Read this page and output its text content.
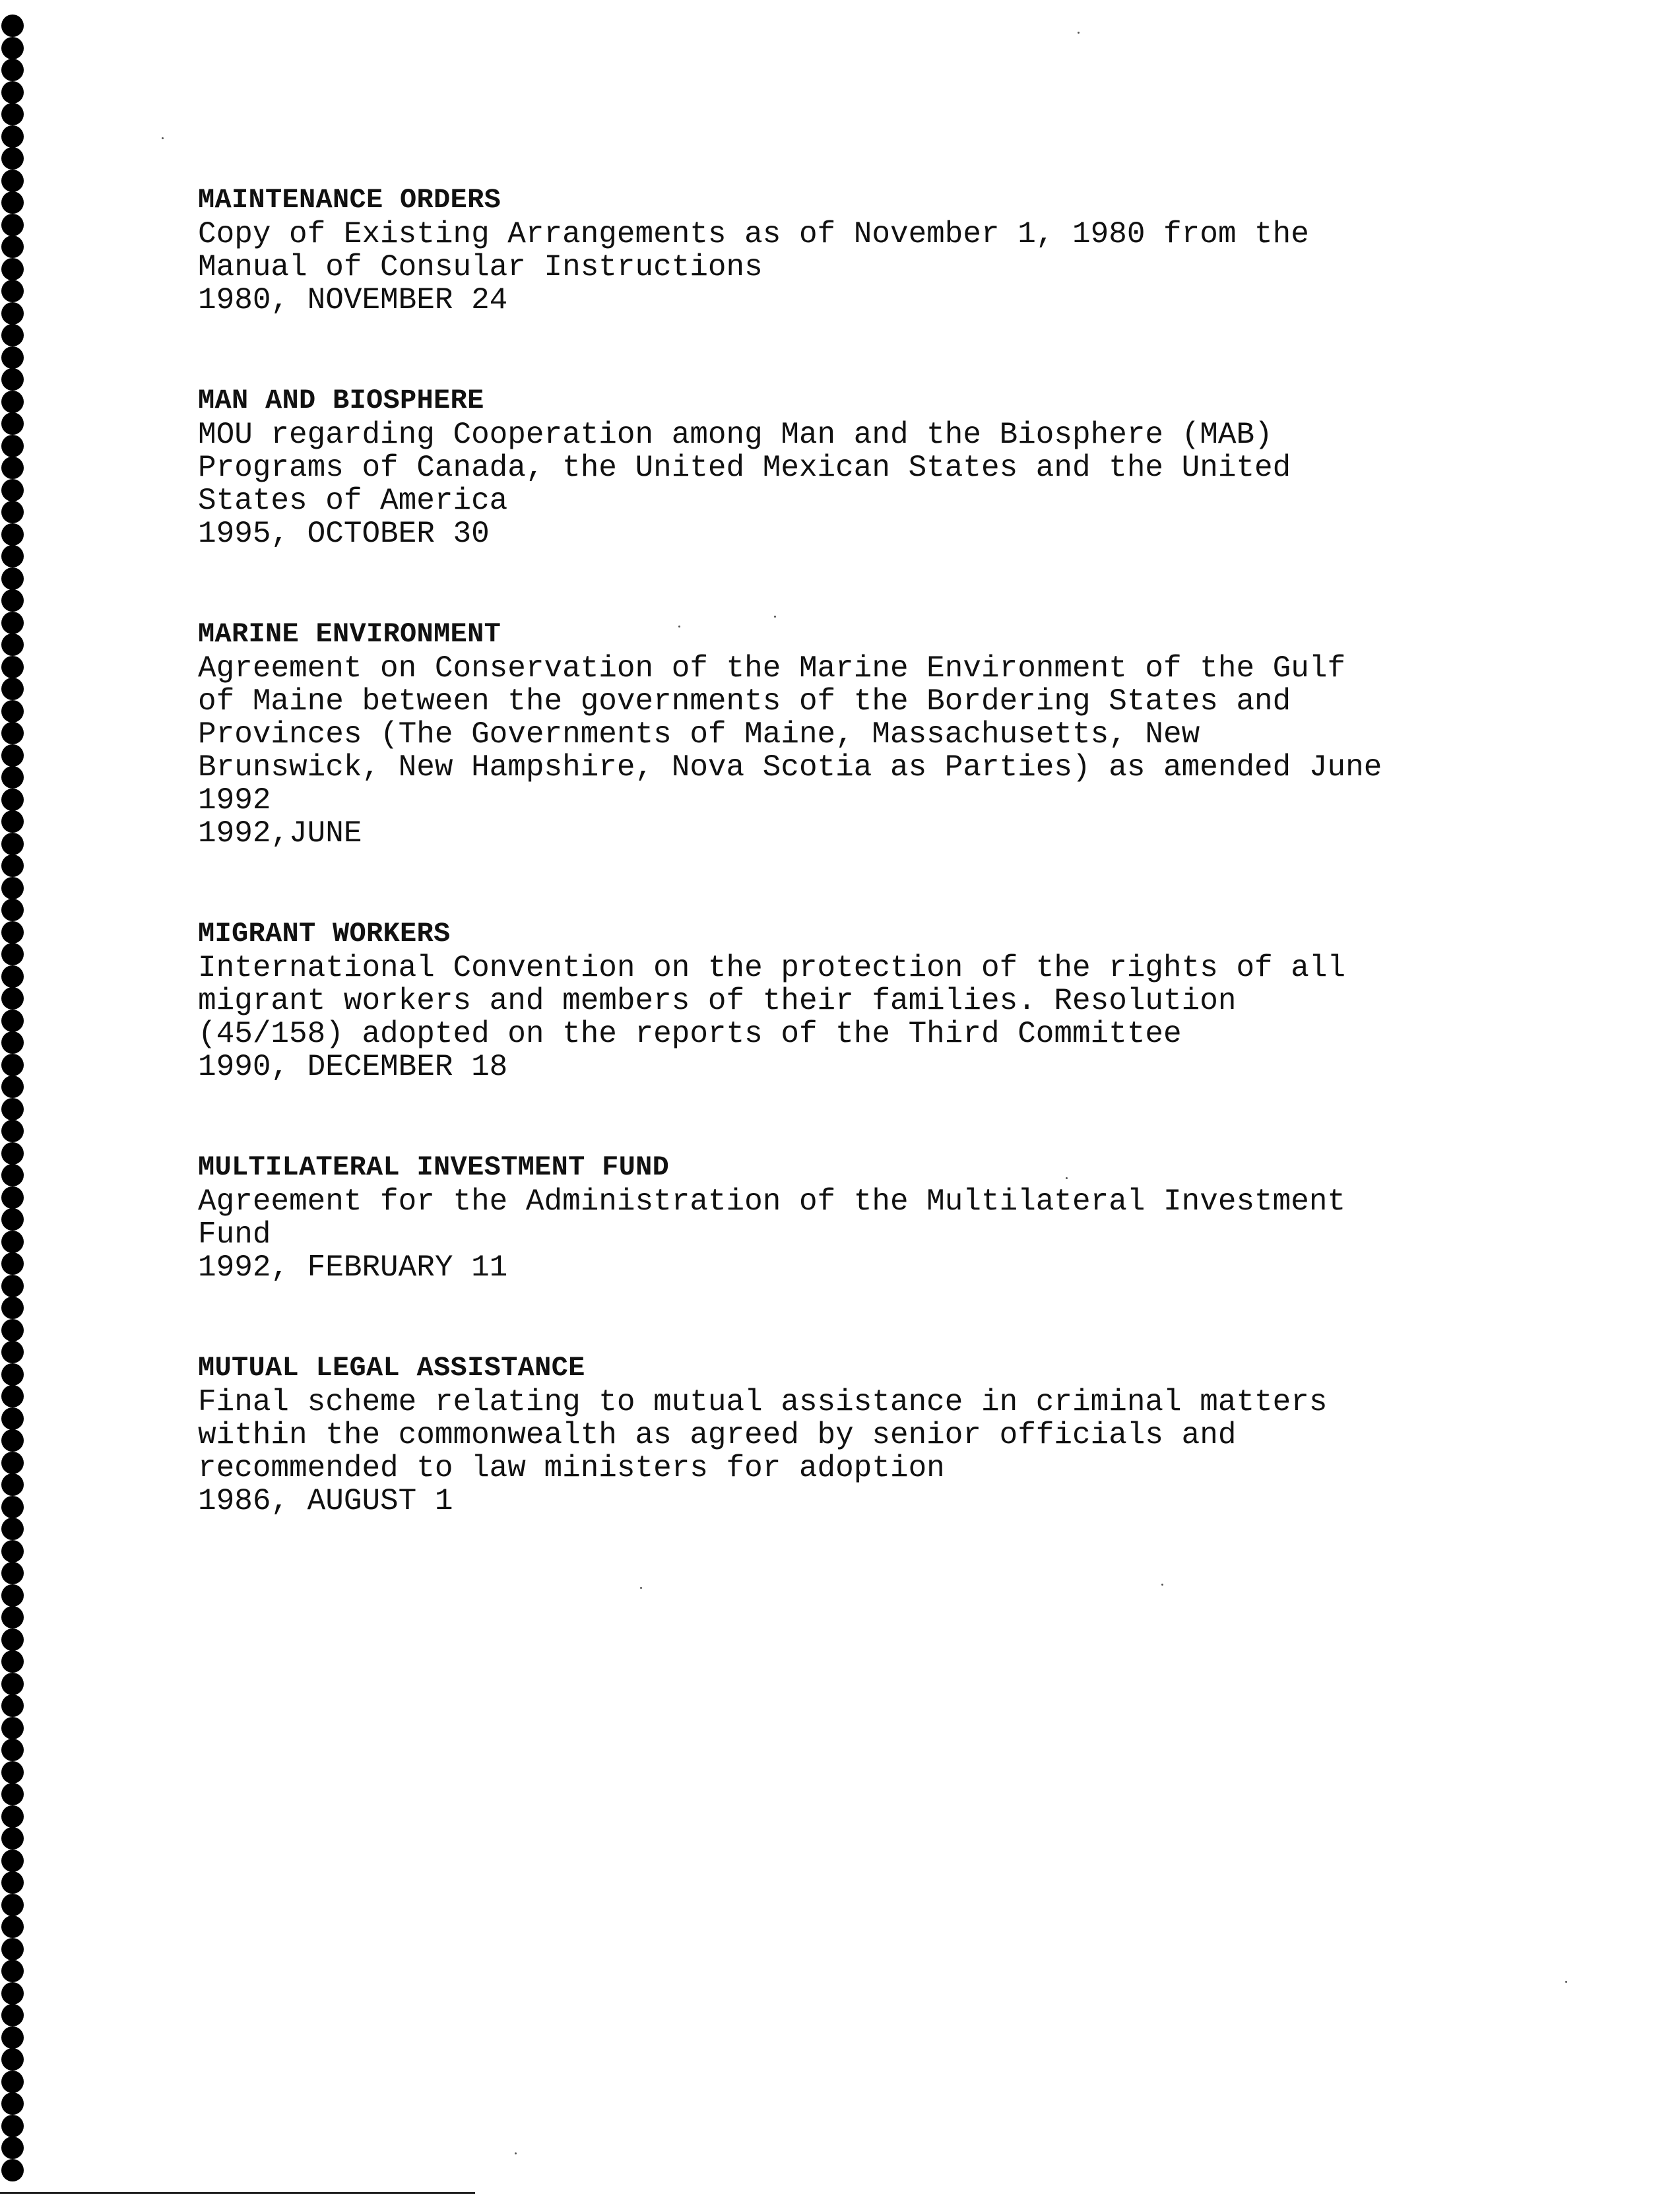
MAINTENANCE ORDERS
Copy of Existing Arrangements as of November 1, 1980 from the
Manual of Consular Instructions
1980, NOVEMBER 24
MAN AND BIOSPHERE
MOU regarding Cooperation among Man and the Biosphere (MAB)
Programs of Canada, the United Mexican States and the United
States of America
1995, OCTOBER 30
MARINE ENVIRONMENT
Agreement on Conservation of the Marine Environment of the Gulf
of Maine between the governments of the Bordering States and
Provinces (The Governments of Maine, Massachusetts, New
Brunswick, New Hampshire, Nova Scotia as Parties) as amended June
1992
1992,JUNE
MIGRANT WORKERS
International Convention on the protection of the rights of all
migrant workers and members of their families. Resolution
(45/158) adopted on the reports of the Third Committee
1990, DECEMBER 18
MULTILATERAL INVESTMENT FUND
Agreement for the Administration of the Multilateral Investment
Fund
1992, FEBRUARY 11
MUTUAL LEGAL ASSISTANCE
Final scheme relating to mutual assistance in criminal matters
within the commonwealth as agreed by senior officials and
recommended to law ministers for adoption
1986, AUGUST 1
